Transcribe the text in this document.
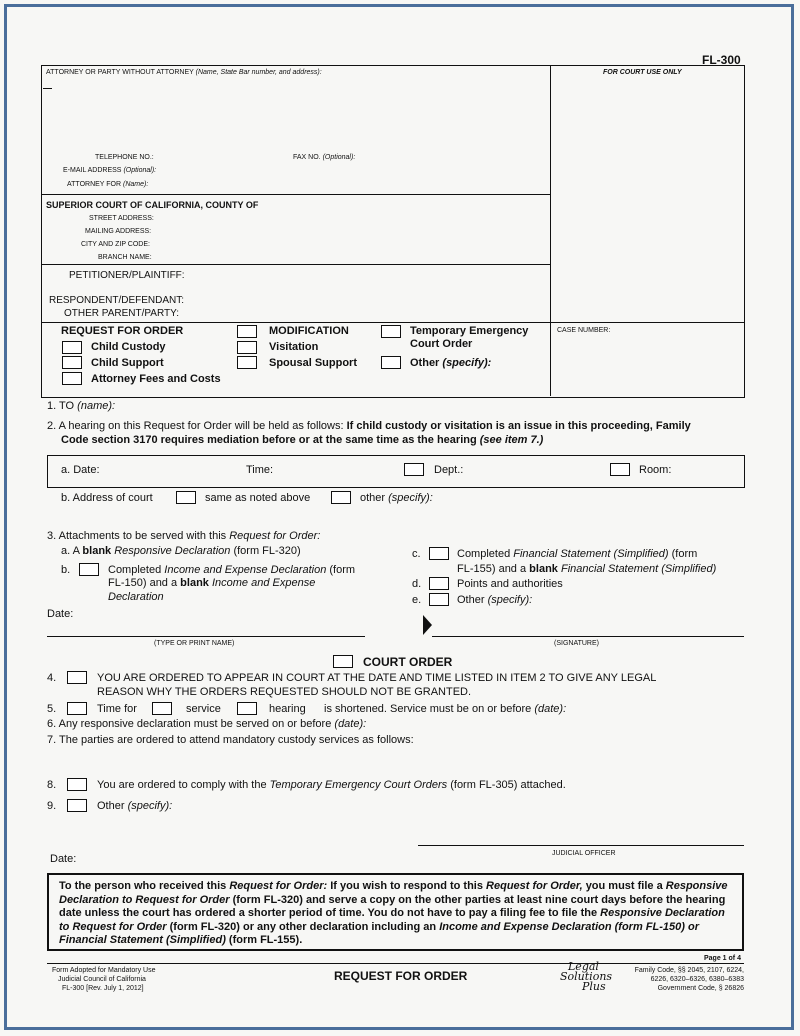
FL-300
ATTORNEY OR PARTY WITHOUT ATTORNEY (Name, State Bar number, and address):	FOR COURT USE ONLY
TELEPHONE NO.:	FAX NO. (Optional):
E-MAIL ADDRESS (Optional):
ATTORNEY FOR (Name):
SUPERIOR COURT OF CALIFORNIA, COUNTY OF
STREET ADDRESS:
MAILING ADDRESS:
CITY AND ZIP CODE:
BRANCH NAME:
PETITIONER/PLAINTIFF:
RESPONDENT/DEFENDANT:
OTHER PARENT/PARTY:
REQUEST FOR ORDER
Child Custody
Child Support
Attorney Fees and Costs
MODIFICATION
Visitation
Spousal Support
Temporary Emergency
Court Order
Other (specify):
CASE NUMBER:
1. TO (name):
2. A hearing on this Request for Order will be held as follows: If child custody or visitation is an issue in this proceeding, Family
Code section 3170 requires mediation before or at the same time as the hearing (see item 7.)
a. Date:	Time:	Dept.:	Room:
b. Address of court	same as noted above	other (specify):
3. Attachments to be served with this Request for Order:
a. A blank Responsive Declaration (form FL-320)
b.	Completed Income and Expense Declaration (form
FL-150) and a blank Income and Expense
Declaration
c.	Completed Financial Statement (Simplified) (form
FL-155) and a blank Financial Statement (Simplified)
d.	Points and authorities
e.	Other (specify):
Date:
(TYPE OR PRINT NAME)	(SIGNATURE)
COURT ORDER
4.	YOU ARE ORDERED TO APPEAR IN COURT AT THE DATE AND TIME LISTED IN ITEM 2 TO GIVE ANY LEGAL
REASON WHY THE ORDERS REQUESTED SHOULD NOT BE GRANTED.
5.	Time for	service	hearing is shortened. Service must be on or before (date):
6. Any responsive declaration must be served on or before (date):
7. The parties are ordered to attend mandatory custody services as follows:
8.	You are ordered to comply with the Temporary Emergency Court Orders (form FL-305) attached.
9.	Other (specify):
Date:	JUDICIAL OFFICER
To the person who received this Request for Order: If you wish to respond to this Request for Order, you must file a Responsive Declaration to Request for Order (form FL-320) and serve a copy on the other parties at least nine court days before the hearing date unless the court has ordered a shorter period of time. You do not have to pay a filing fee to file the Responsive Declaration to Request for Order (form FL-320) or any other declaration including an Income and Expense Declaration (form FL-150) or Financial Statement (Simplified) (form FL-155).
Page 1 of 4
Form Adopted for Mandatory Use
Judicial Council of California
FL-300 [Rev. July 1, 2012]
REQUEST FOR ORDER
Legal
Solutions
Plus
Family Code, §§ 2045, 2107, 6224,
6226, 6320–6326, 6380–6383
Government Code, § 26826
